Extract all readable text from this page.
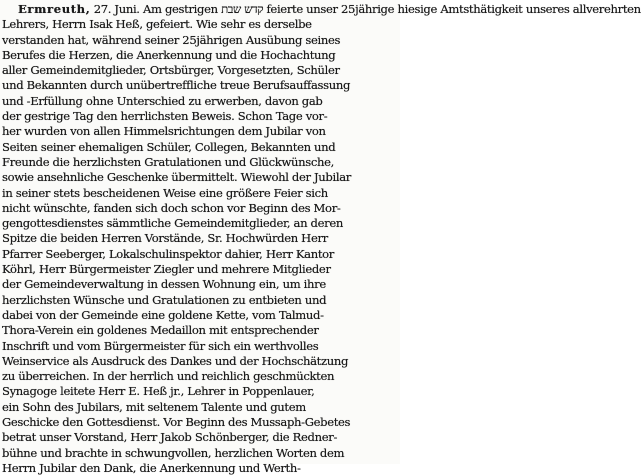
Ermreuth, 27. Juni. Am gestrigen קדש שבת feierte unser 25jährige hiesige Amtsthätigkeit unseres allverehrten
Lehrers, Herrn Isak Heß, gefeiert. Wie sehr es derselbe
verstanden hat, während seiner 25jährigen Ausübung seines
Berufes die Herzen, die Anerkennung und die Hochachtung
aller Gemeindemitglieder, Ortsbürger, Vorgesetzten, Schüler
und Bekannten durch unübertreffliche treue Berufsauffassung
und -Erfüllung ohne Unterschied zu erwerben, davon gab
der gestrige Tag den herrlichsten Beweis. Schon Tage vor-
her wurden von allen Himmelsrichtungen dem Jubilar von
Seiten seiner ehemaligen Schüler, Collegen, Bekannten und
Freunde die herzlichsten Gratulationen und Glückwünsche,
sowie ansehnliche Geschenke übermittelt. Wiewohl der Jubilar
in seiner stets bescheidenen Weise eine größere Feier sich
nicht wünschte, fanden sich doch schon vor Beginn des Mor-
gengottesdienstes sämmtliche Gemeindemitglieder, an deren
Spitze die beiden Herren Vorstände, Sr. Hochwürden Herr
Pfarrer Seeberger, Lokalschulinspektor dahier, Herr Kantor
Köhrl, Herr Bürgermeister Ziegler und mehrere Mitglieder
der Gemeindeverwaltung in dessen Wohnung ein, um ihre
herzlichsten Wünsche und Gratulationen zu entbieten und
dabei von der Gemeinde eine goldene Kette, vom Talmud-
Thora-Verein ein goldenes Medaillon mit entsprechender
Inschrift und vom Bürgermeister für sich ein werthvolles
Weinservice als Ausdruck des Dankes und der Hochschätzung
zu überreichen. In der herrlich und reichlich geschmückten
Synagoge leitete Herr E. Heß jr., Lehrer in Poppenlauer,
ein Sohn des Jubilars, mit seltenem Talente und gutem
Geschicke den Gottesdienst. Vor Beginn des Mussaph-Gebetes
betrat unser Vorstand, Herr Jakob Schönberger, die Redner-
bühne und brachte in schwungvollen, herzlichen Worten dem
Herrn Jubilar den Dank, die Anerkennung und Werth-
